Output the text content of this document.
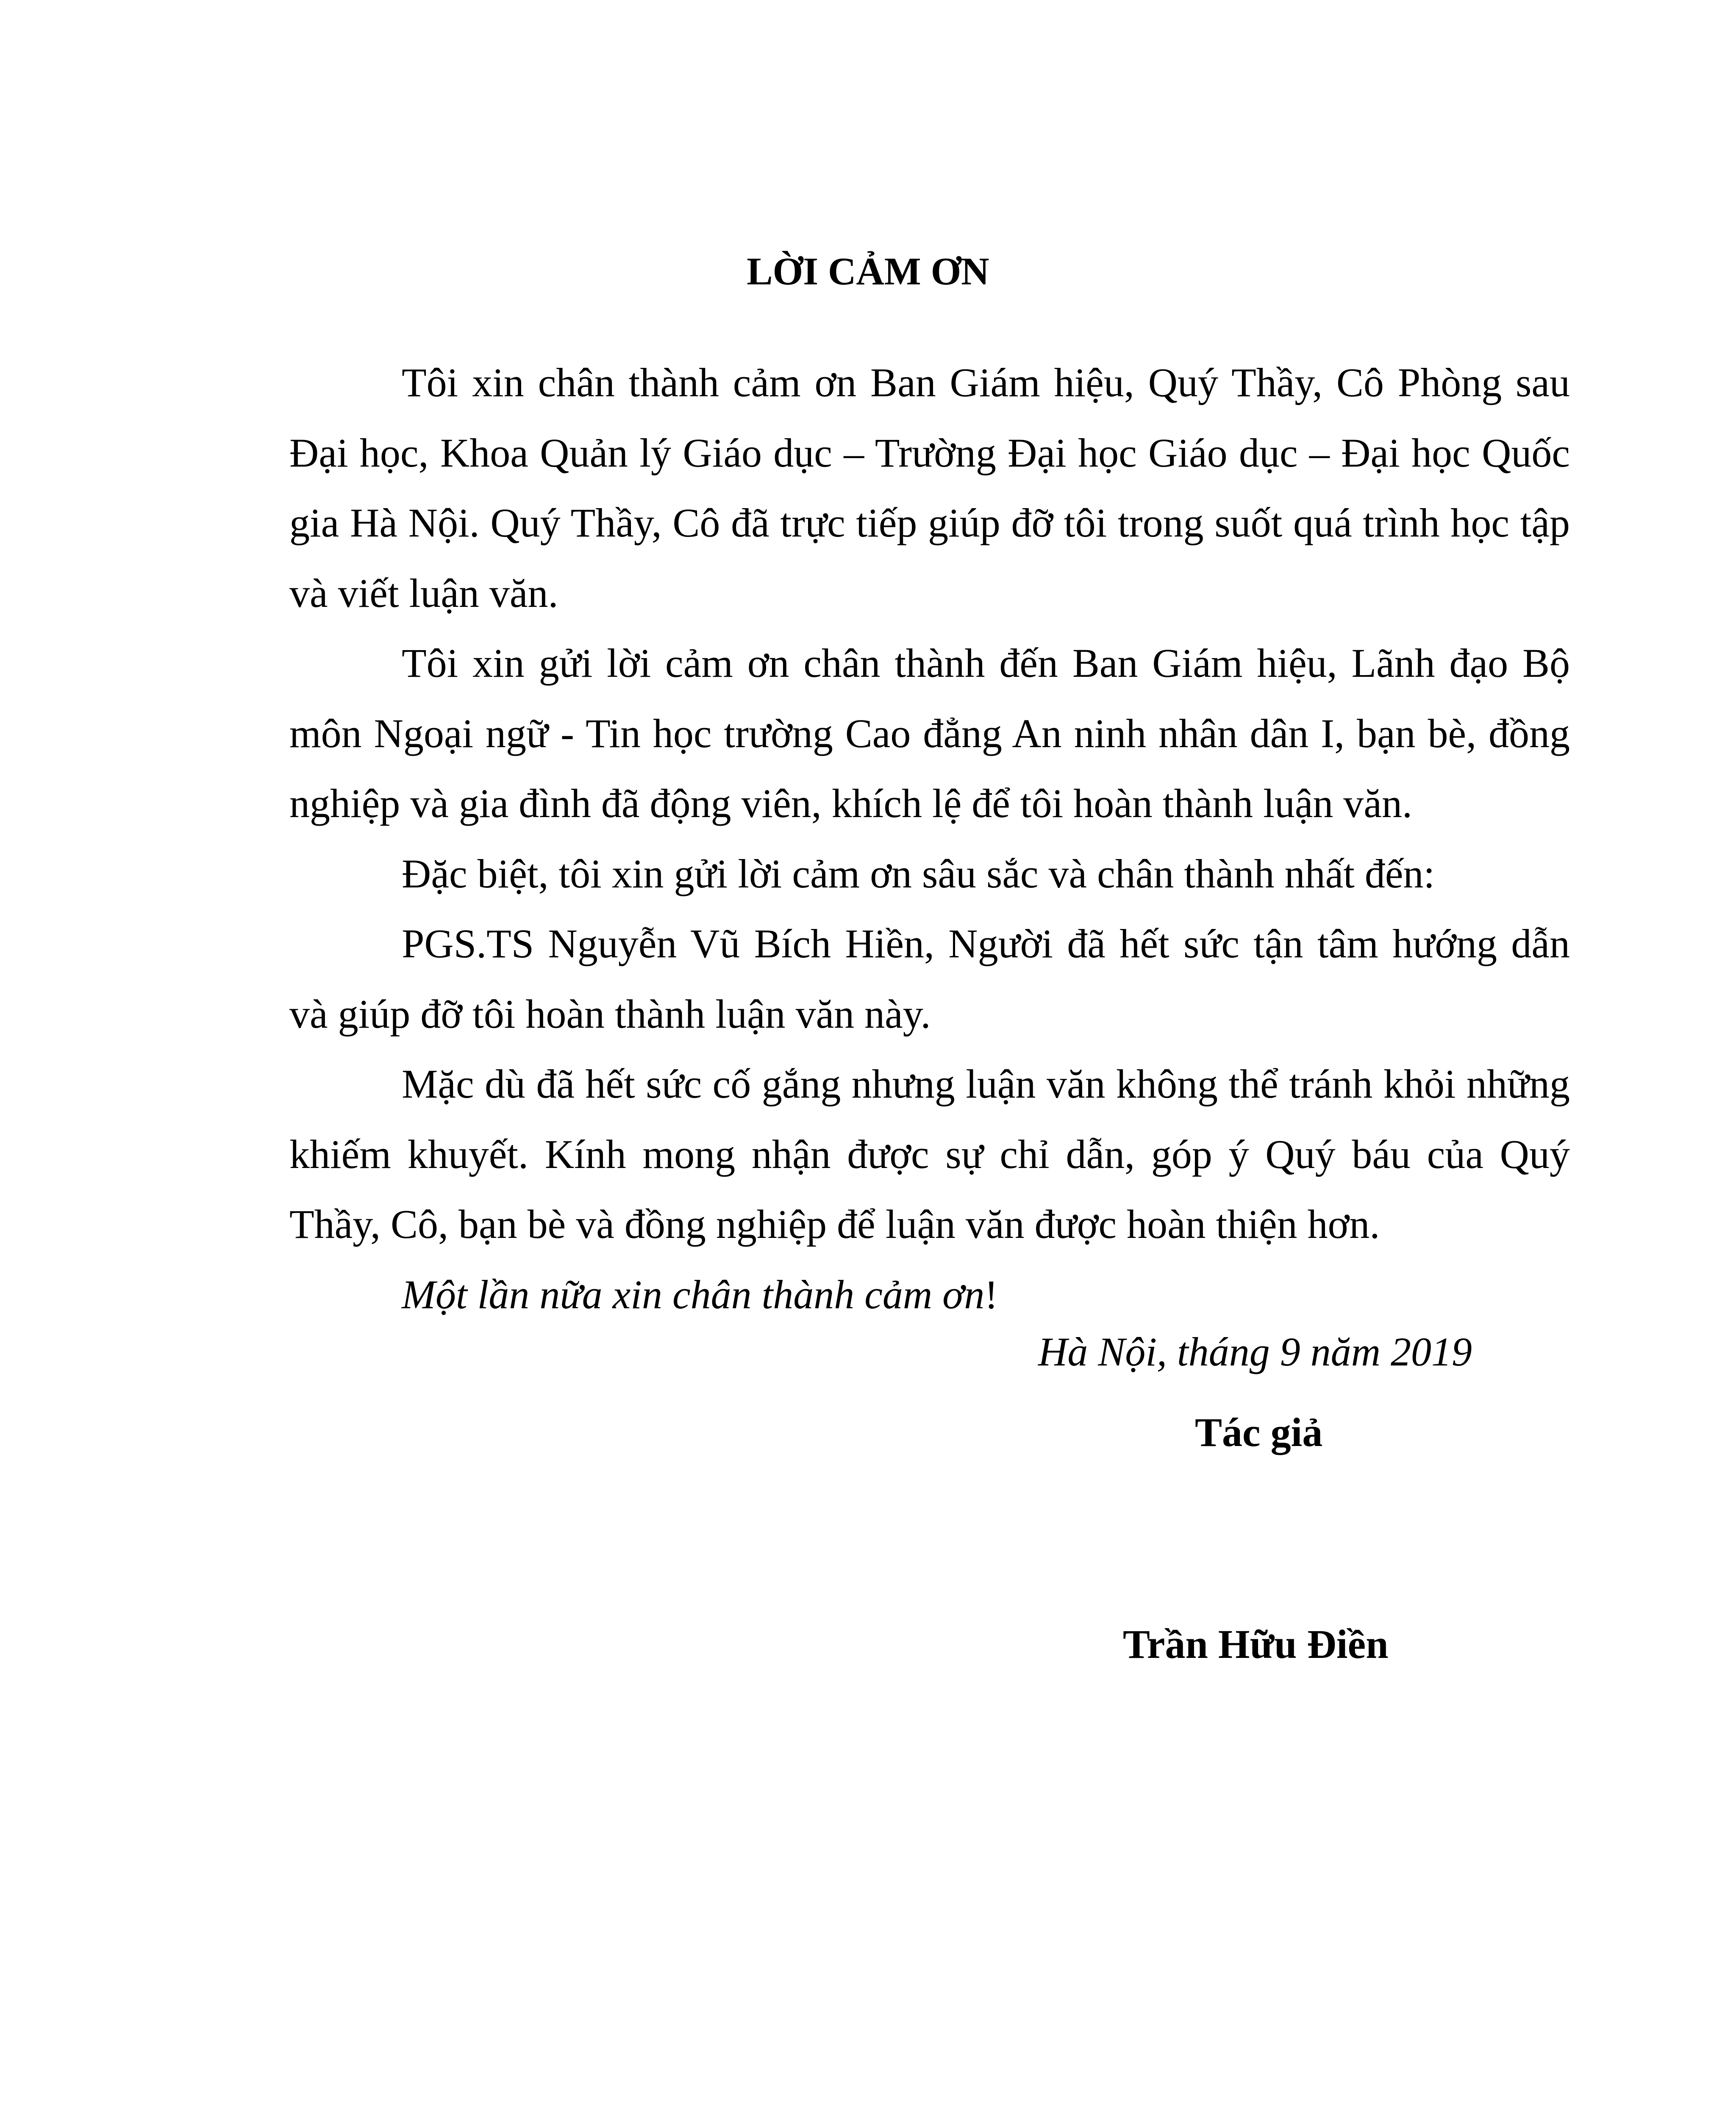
LỜI CẢM ƠN

Tôi xin chân thành cảm ơn Ban Giám hiệu, Quý Thầy, Cô Phòng sau Đại học, Khoa Quản lý Giáo dục – Trường Đại học Giáo dục – Đại học Quốc gia Hà Nội. Quý Thầy, Cô đã trực tiếp giúp đỡ tôi trong suốt quá trình học tập và viết luận văn.

Tôi xin gửi lời cảm ơn chân thành đến Ban Giám hiệu, Lãnh đạo Bộ môn Ngoại ngữ - Tin học trường Cao đẳng An ninh nhân dân I, bạn bè, đồng nghiệp và gia đình đã động viên, khích lệ để tôi hoàn thành luận văn.

Đặc biệt, tôi xin gửi lời cảm ơn sâu sắc và chân thành nhất đến:

PGS.TS Nguyễn Vũ Bích Hiền, Người đã hết sức tận tâm hướng dẫn và giúp đỡ tôi hoàn thành luận văn này.

Mặc dù đã hết sức cố gắng nhưng luận văn không thể tránh khỏi những khiếm khuyết. Kính mong nhận được sự chỉ dẫn, góp ý Quý báu của Quý Thầy, Cô, bạn bè và đồng nghiệp để luận văn được hoàn thiện hơn.

Một lần nữa xin chân thành cảm ơn!

Hà Nội, tháng 9 năm 2019
Tác giả
Trần Hữu Điền
